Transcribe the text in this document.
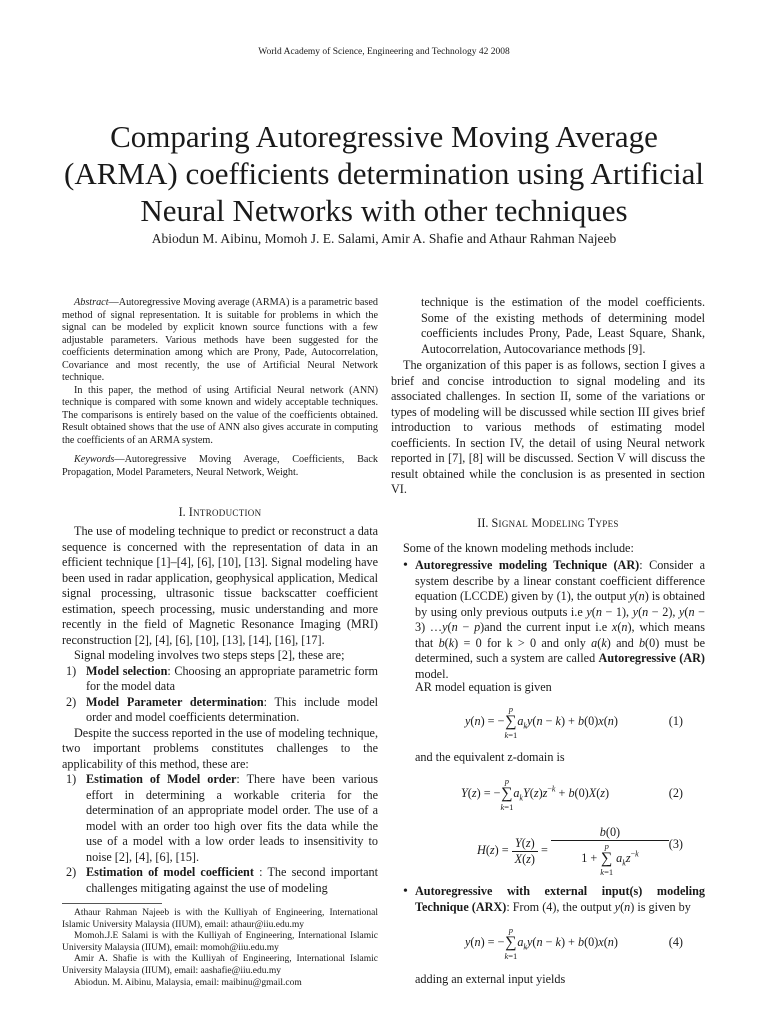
World Academy of Science, Engineering and Technology 42 2008
Comparing Autoregressive Moving Average
(ARMA) coefficients determination using Artificial
Neural Networks with other techniques
Abiodun M. Aibinu, Momoh J. E. Salami, Amir A. Shafie and Athaur Rahman Najeeb

Abstract—Autoregressive Moving average (ARMA) is a parametric based method of signal representation. It is suitable for problems in which the signal can be modeled by explicit known source functions with a few adjustable parameters. Various methods have been suggested for the coefficients determination among which are Prony, Pade, Autocorrelation, Covariance and most recently, the use of Artificial Neural Network technique.

In this paper, the method of using Artificial Neural network (ANN) technique is compared with some known and widely acceptable techniques. The comparisons is entirely based on the value of the coefficients obtained. Result obtained shows that the use of ANN also gives accurate in computing the coefficients of an ARMA system.

Keywords—Autoregressive Moving Average, Coefficients, Back Propagation, Model Parameters, Neural Network, Weight.

I. Introduction

The use of modeling technique to predict or reconstruct a data sequence is concerned with the representation of data in an efficient technique [1]–[4], [6], [10], [13]. Signal modeling have been used in radar application, geophysical application, Medical signal processing, ultrasonic tissue backscatter coefficient estimation, speech processing, music understanding and more recently in the field of Magnetic Resonance Imaging (MRI) reconstruction [2], [4], [6], [10], [13], [14], [16], [17].

Signal modeling involves two steps steps [2], these are;

1) Model selection: Choosing an appropriate parametric form for the model data
2) Model Parameter determination: This include model order and model coefficients determination.

Despite the success reported in the use of modeling technique, two important problems constitutes challenges to the applicability of this method, these are:

1) Estimation of Model order: There have been various effort in determining a workable criteria for the determination of an appropriate model order. The use of a model with an order too high over fits the data while the use of a model with a low order leads to insensitivity to noise [2], [4], [6], [15].
2) Estimation of model coefficient : The second important challenges mitigating against the use of modeling

Athaur Rahman Najeeb is with the Kulliyah of Engineering, International Islamic University Malaysia (IIUM), email: athaur@iiu.edu.my

Momoh.J.E Salami is with the Kulliyah of Engineering, International Islamic University Malaysia (IIUM), email: momoh@iiu.edu.my

Amir A. Shafie is with the Kulliyah of Engineering, International Islamic University Malaysia (IIUM), email: aashafie@iiu.edu.my

Abiodun. M. Aibinu, Malaysia, email: maibinu@gmail.com

technique is the estimation of the model coefficients. Some of the existing methods of determining model coefficients includes Prony, Pade, Least Square, Shank, Autocorrelation, Autocovariance methods [9].

The organization of this paper is as follows, section I gives a brief and concise introduction to signal modeling and its associated challenges. In section II, some of the variations or types of modeling will be discussed while section III gives brief introduction to various methods of estimating model coefficients. In section IV, the detail of using Neural network reported in [7], [8] will be discussed. Section V will discuss the result obtained while the conclusion is as presented in section VI.

II. Signal Modeling Types
Some of the known modeling methods include:
• Autoregressive modeling Technique (AR): Consider a system describe by a linear constant coefficient difference equation (LCCDE) given by (1), the output y(n) is obtained by using only previous outputs i.e y(n − 1), y(n − 2), y(n − 3) …y(n − p)and the current input i.e x(n), which means that b(k) = 0 for k > 0 and only a(k) and b(0) must be determined, such a system are called Autoregressive (AR) model.
AR model equation is given
y(n) = −
p
∑
k=1
$a_ky(n - k) + b(0)x(n)$	(1)
and the equivalent z-domain is
Y(z) = −
p
∑
k=1
$a_kY(z)z^{-k} + b(0)X(z)$	(2)
$H(z) = \frac{Y(z)}{X(z)} = b(0)$
1 +
p
∑
k=1
$a_kz^{-k}$ (3)
• Autoregressive with external input(s) modeling Technique (ARX): From (4), the output y(n) is given by
y(n) = −
p
∑
k=1
$a_ky(n - k) + b(0)x(n)$	(4)
adding an external input yields
